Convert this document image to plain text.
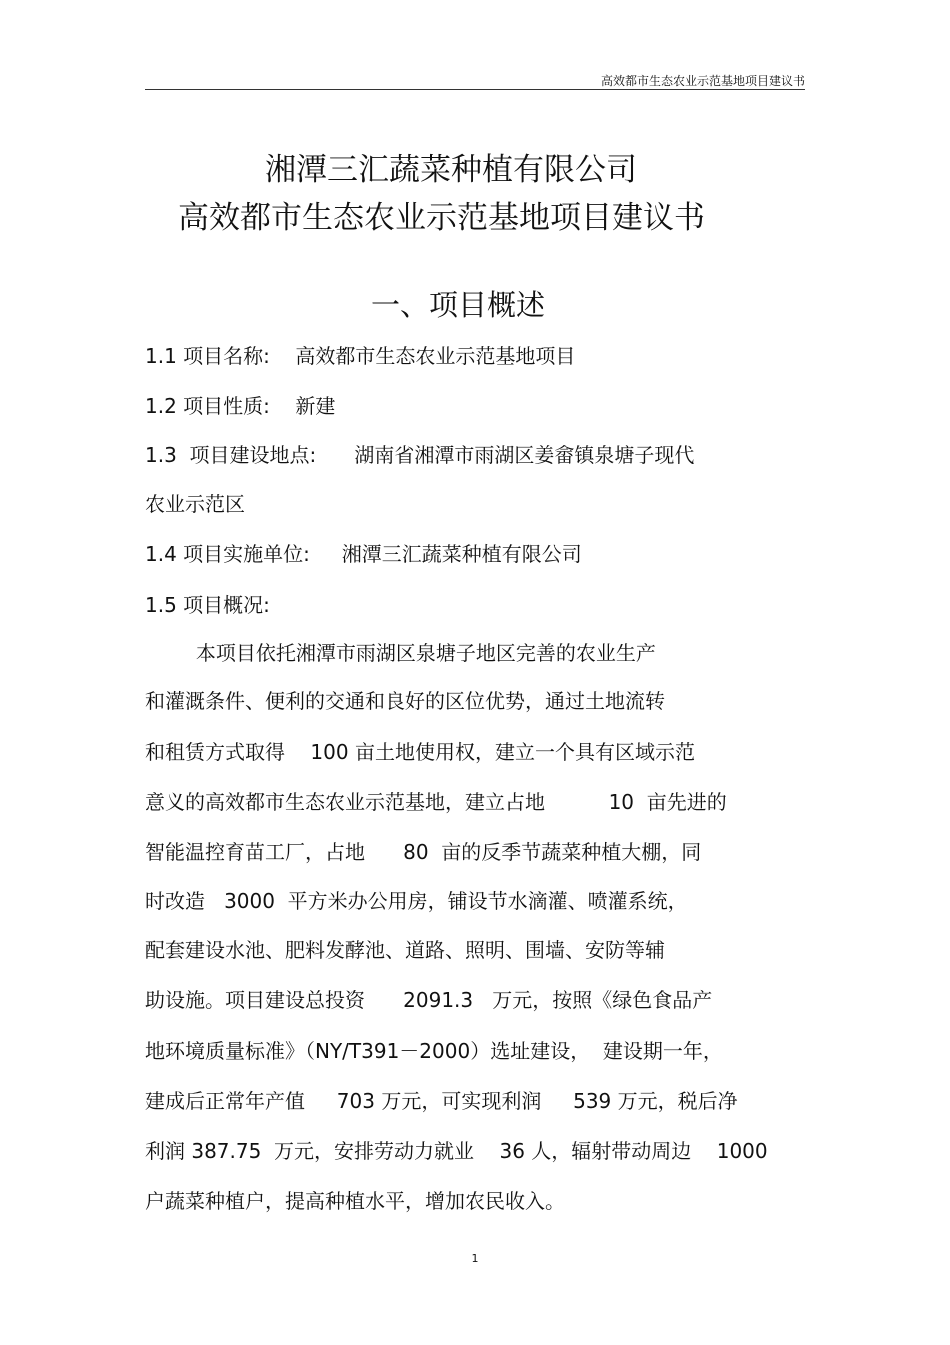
高效都市生态农业示范基地项目建议书
湘潭三汇蔬菜种植有限公司
高效都市生态农业示范基地项目建议书
一、项目概述
1.1 项目名称:    高效都市生态农业示范基地项目
1.2 项目性质:    新建
1.3  项目建设地点:      湖南省湘潭市雨湖区姜畲镇泉塘子现代
农业示范区
1.4 项目实施单位:     湘潭三汇蔬菜种植有限公司
1.5 项目概况:
本项目依托湘潭市雨湖区泉塘子地区完善的农业生产
和灌溉条件、便利的交通和良好的区位优势，通过土地流转
和租赁方式取得    100 亩土地使用权，建立一个具有区域示范
意义的高效都市生态农业示范基地，建立占地          10  亩先进的
智能温控育苗工厂，占地      80  亩的反季节蔬菜种植大棚，同
时改造   3000  平方米办公用房，铺设节水滴灌、喷灌系统，
配套建设水池、肥料发酵池、道路、照明、围墙、安防等辅
助设施。项目建设总投资      2091.3   万元，按照《绿色食品产
地环境质量标准》（NY/T391－2000）选址建设，  建设期一年，
建成后正常年产值     703 万元，可实现利润     539 万元，税后净
利润 387.75  万元，安排劳动力就业    36 人，辐射带动周边    1000
户蔬菜种植户，提高种植水平，增加农民收入。
1
